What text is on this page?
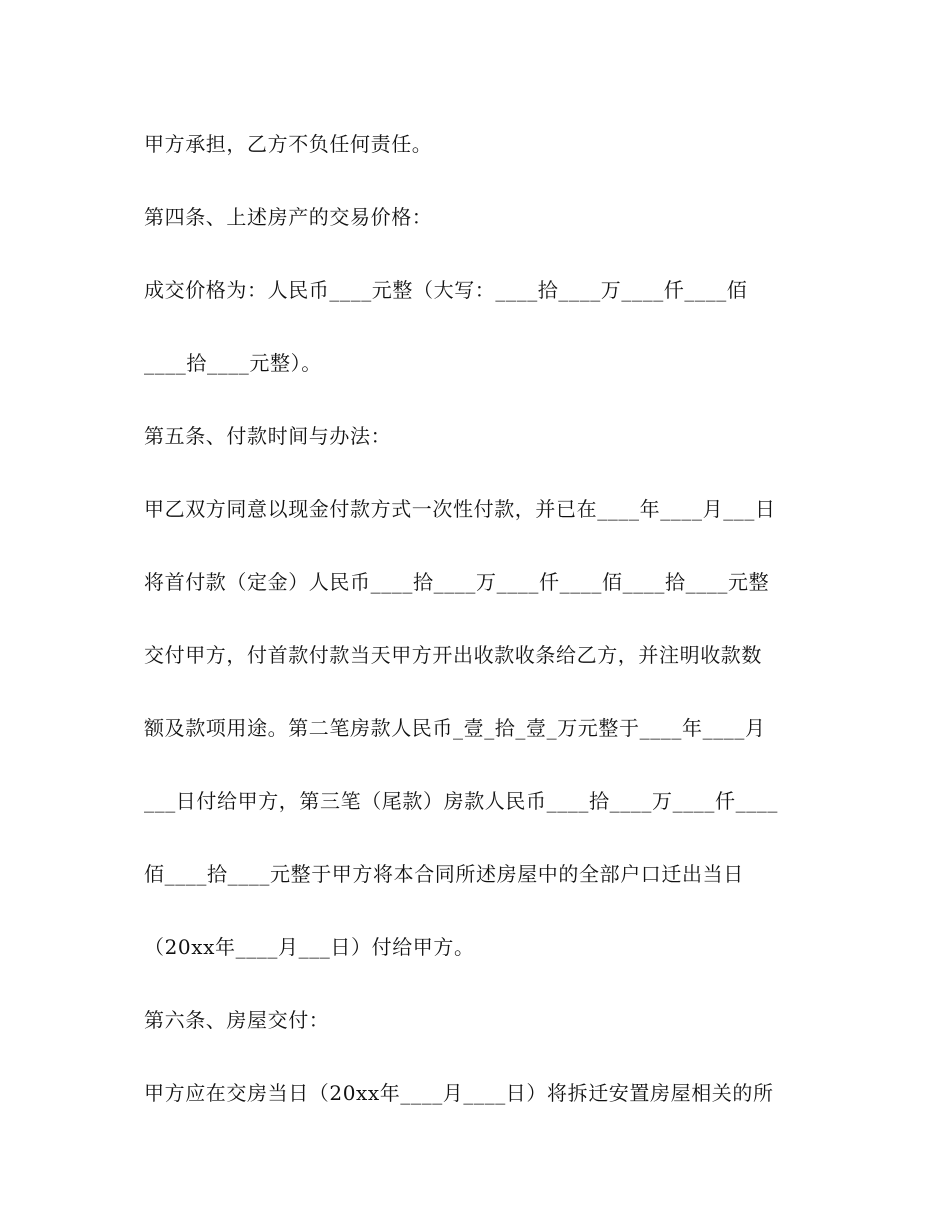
甲方承担，乙方不负任何责任。

第四条、上述房产的交易价格：

成交价格为：人民币____元整（大写：____拾____万____仟____佰

____拾____元整）。

第五条、付款时间与办法：

甲乙双方同意以现金付款方式一次性付款，并已在____年____月___日

将首付款（定金）人民币____拾____万____仟____佰____拾____元整

交付甲方，付首款付款当天甲方开出收款收条给乙方，并注明收款数

额及款项用途。第二笔房款人民币_壹_拾_壹_万元整于____年____月

___日付给甲方，第三笔（尾款）房款人民币____拾____万____仟____

佰____拾____元整于甲方将本合同所述房屋中的全部户口迁出当日

（20xx年____月___日）付给甲方。

第六条、房屋交付：

甲方应在交房当日（20xx年____月____日）将拆迁安置房屋相关的所
